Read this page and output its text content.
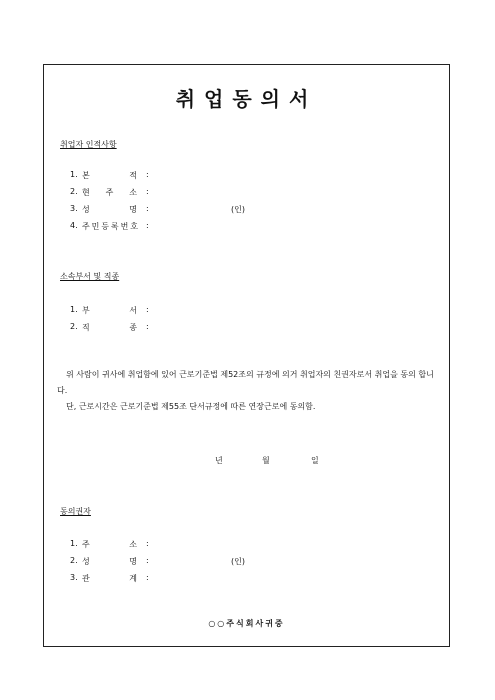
취업동의서
취업자 인적사항
1. 본	적 :
2. 현 주 소 :
3. 성	명 :	(인)
4. 주 민 등 록 번 호 :
소속부서 및 직종
1. 부	서 :
2. 직	종 :

위 사람이 귀사에 취업함에 있어 근로기준법 제52조의 규정에 의거 취업자의 친권자로서 취업을 동의 합니다.

단, 근로시간은 근로기준법 제55조 단서규정에 따른 연장근로에 동의함.

년	월	일
동의권자
1. 주	소 :
2. 성	명 :	(인)
3. 관	계 :
○○주식회사귀중
